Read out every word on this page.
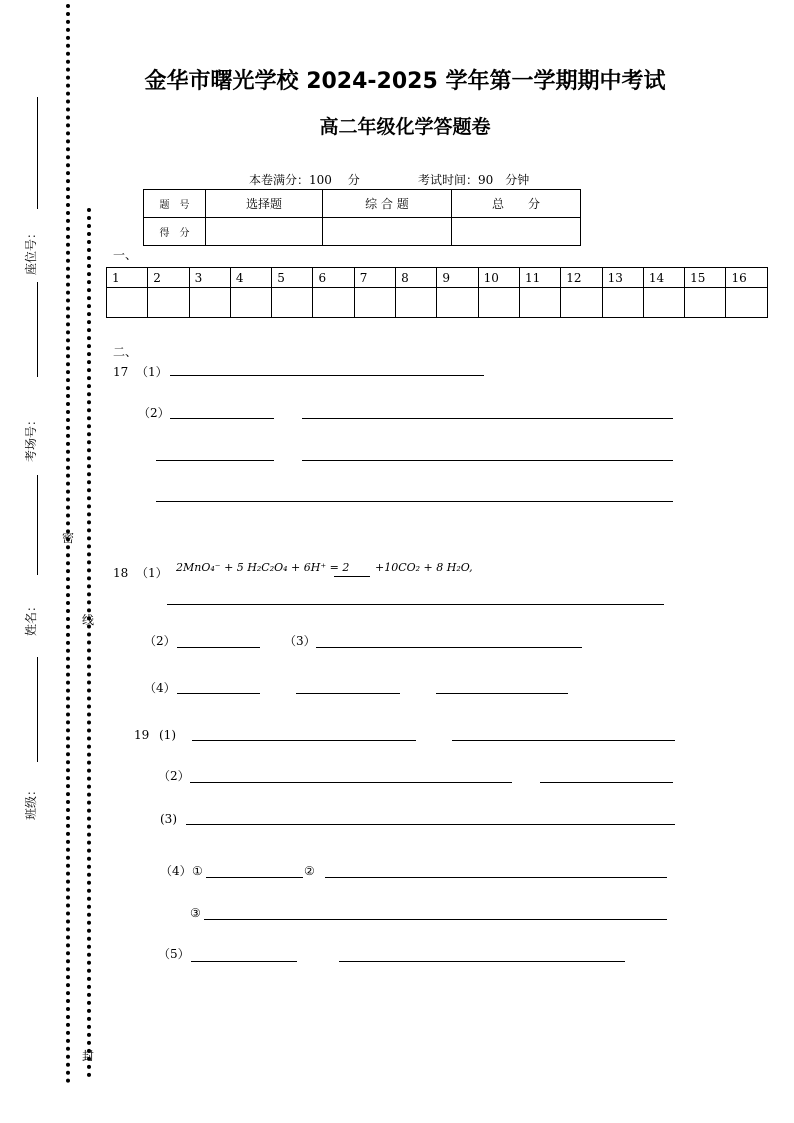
座位号：
考场号：
姓名：
班级：
密
线
封
金华市曙光学校 2024-2025 学年第一学期期中考试
高二年级化学答题卷
本卷满分：100　 分	考试时间：90　分钟
题　号	选择题	综 合 题	总　　分
得　分			
一、
1	2	3	4	5	6	7	8	9	10	11	12	13	14	15	16

二、
17 （1）
（2）
18 （1） 2MnO₄⁻ + 5 H₂C₂O₄ + 6H⁺ = 2 +10CO₂ + 8 H₂O,
（2）	（3）
（4）
19 (1)
（2）
(3)
（4） ①	②
③
（5）
